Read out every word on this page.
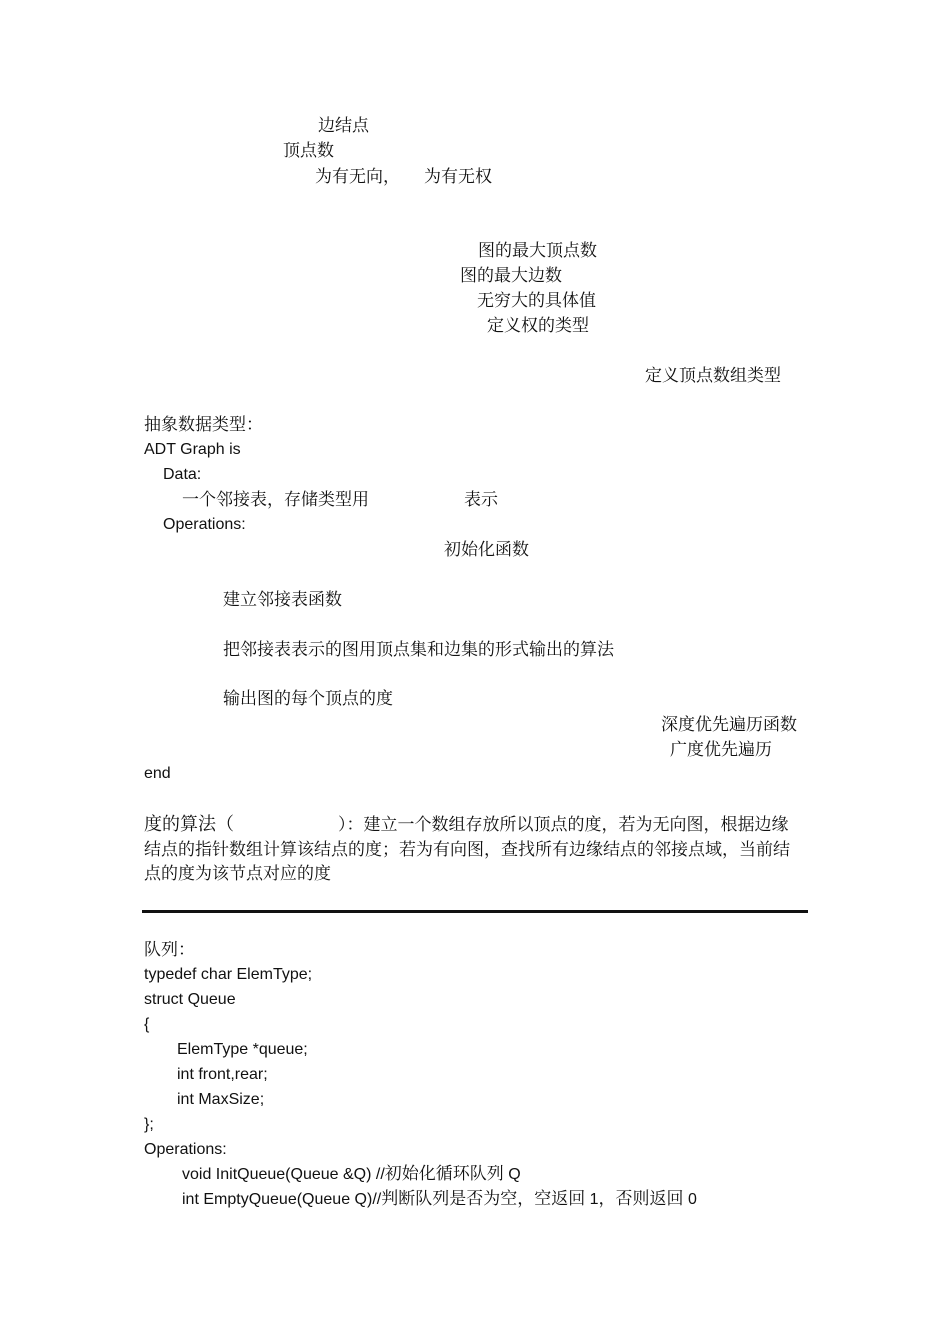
边结点
顶点数
为有无向， 为有无权
图的最大顶点数
图的最大边数
无穷大的具体值
定义权的类型
定义顶点数组类型
抽象数据类型：
ADT Graph is
Data:
一个邻接表，存储类型用	表示
Operations:
初始化函数
建立邻接表函数
把邻接表表示的图用顶点集和边集的形式输出的算法
输出图的每个顶点的度
深度优先遍历函数
广度优先遍历
end
度的算法（	）：建立一个数组存放所以顶点的度，若为无向图，根据边缘
结点的指针数组计算该结点的度；若为有向图，查找所有边缘结点的邻接点域，当前结
点的度为该节点对应的度
队列：
typedef char ElemType;
struct Queue
{
ElemType *queue;
int front,rear;
int MaxSize;
};
Operations:
void InitQueue(Queue &Q) //初始化循环队列 Q
int EmptyQueue(Queue Q)//判断队列是否为空，空返回 1，否则返回 0
